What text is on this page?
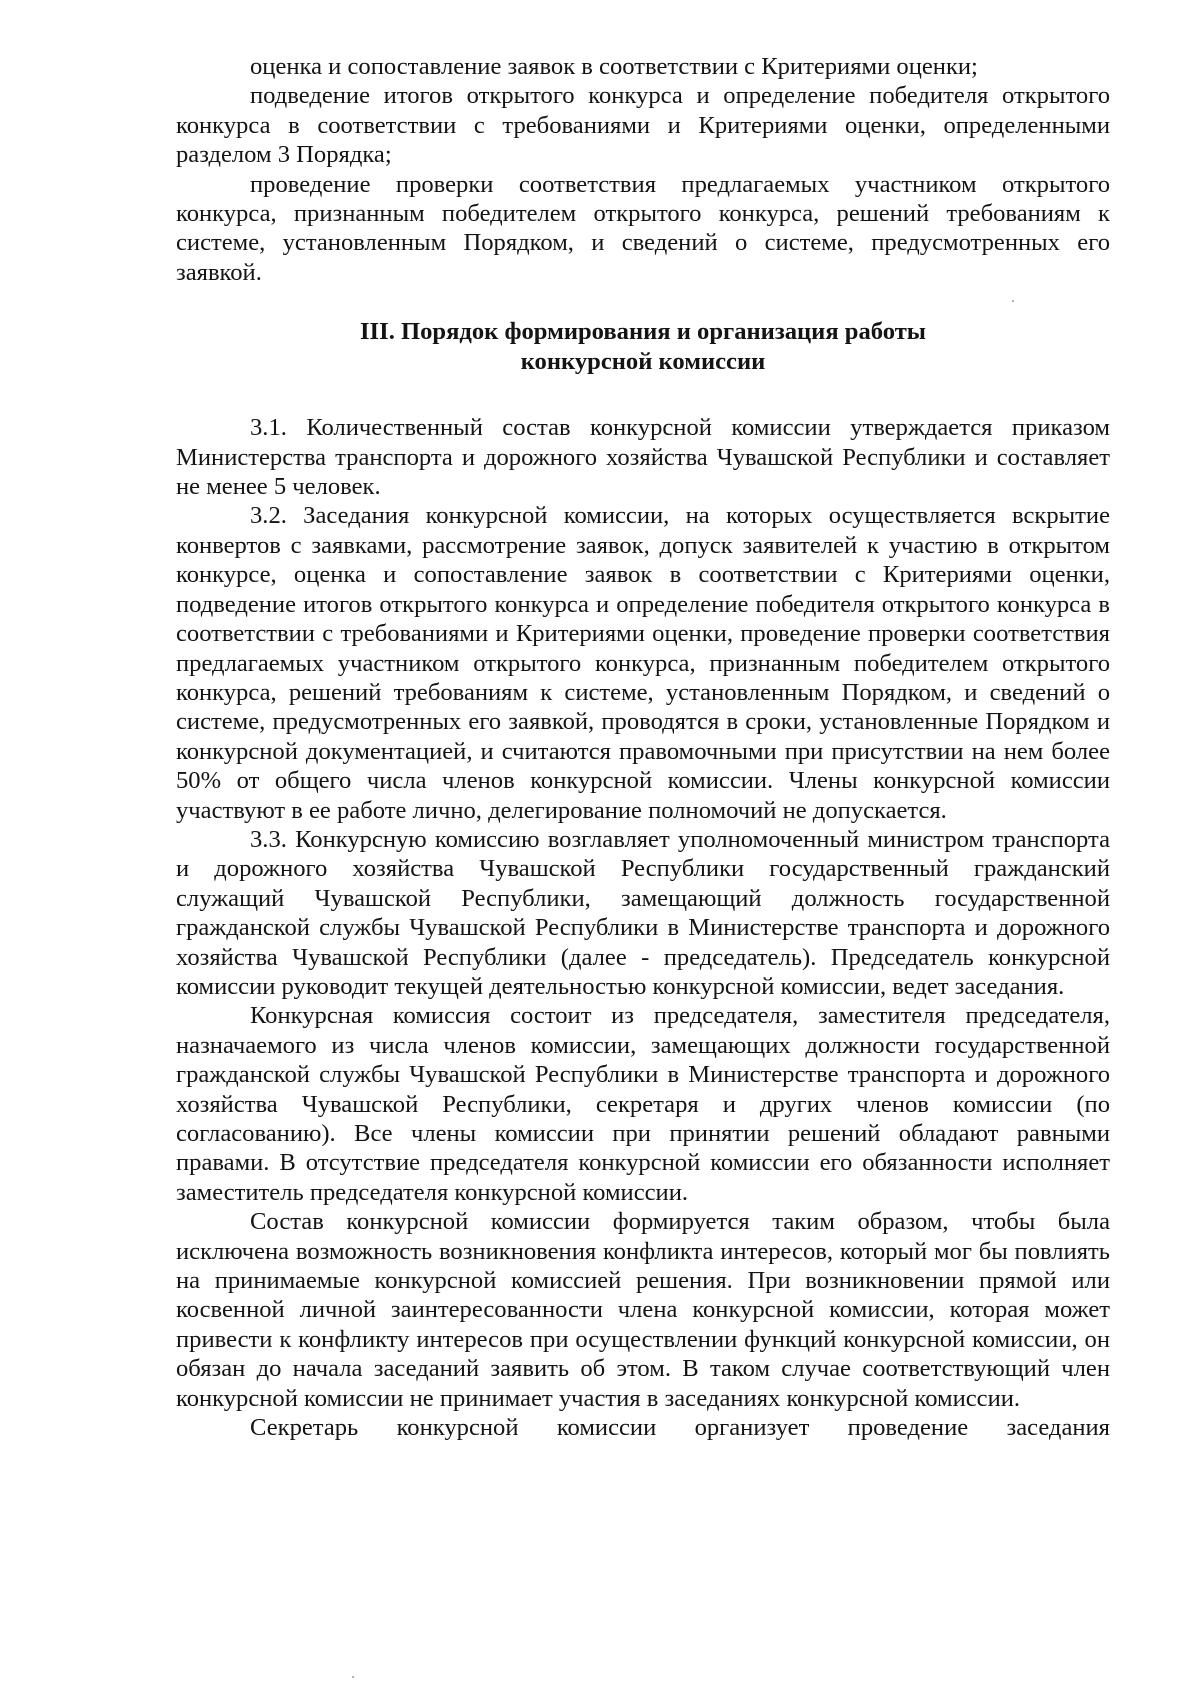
оценка и сопоставление заявок в соответствии с Критериями оценки;

подведение итогов открытого конкурса и определение победителя открытого конкурса в соответствии с требованиями и Критериями оценки, определенными разделом 3 Порядка;

проведение проверки соответствия предлагаемых участником открытого конкурса, признанным победителем открытого конкурса, решений требованиям к системе, установленным Порядком, и сведений о системе, предусмотренных его заявкой.

III. Порядок формирования и организация работы
конкурсной комиссии

3.1. Количественный состав конкурсной комиссии утверждается приказом Министерства транспорта и дорожного хозяйства Чувашской Республики и составляет не менее 5 человек.

3.2. Заседания конкурсной комиссии, на которых осуществляется вскрытие конвертов с заявками, рассмотрение заявок, допуск заявителей к участию в открытом конкурсе, оценка и сопоставление заявок в соответствии с Критериями оценки, подведение итогов открытого конкурса и определение победителя открытого конкурса в соответствии с требованиями и Критериями оценки, проведение проверки соответствия предлагаемых участником открытого конкурса, признанным победителем открытого конкурса, решений требованиям к системе, установленным Порядком, и сведений о системе, предусмотренных его заявкой, проводятся в сроки, установленные Порядком и конкурсной документацией, и считаются правомочными при присутствии на нем более 50% от общего числа членов конкурсной комиссии. Члены конкурсной комиссии участвуют в ее работе лично, делегирование полномочий не допускается.

3.3. Конкурсную комиссию возглавляет уполномоченный министром транспорта и дорожного хозяйства Чувашской Республики государственный гражданский служащий Чувашской Республики, замещающий должность государственной гражданской службы Чувашской Республики в Министерстве транспорта и дорожного хозяйства Чувашской Республики (далее - председатель). Председатель конкурсной комиссии руководит текущей деятельностью конкурсной комиссии, ведет заседания.

Конкурсная комиссия состоит из председателя, заместителя председателя, назначаемого из числа членов комиссии, замещающих должности государственной гражданской службы Чувашской Республики в Министерстве транспорта и дорожного хозяйства Чувашской Республики, секретаря и других членов комиссии (по согласованию). Все члены комиссии при принятии решений обладают равными правами. В отсутствие председателя конкурсной комиссии его обязанности исполняет заместитель председателя конкурсной комиссии.

Состав конкурсной комиссии формируется таким образом, чтобы была исключена возможность возникновения конфликта интересов, который мог бы повлиять на принимаемые конкурсной комиссией решения. При возникновении прямой или косвенной личной заинтересованности члена конкурсной комиссии, которая может привести к конфликту интересов при осуществлении функций конкурсной комиссии, он обязан до начала заседаний заявить об этом. В таком случае соответствующий член конкурсной комиссии не принимает участия в заседаниях конкурсной комиссии.

Секретарь конкурсной комиссии организует проведение заседания
